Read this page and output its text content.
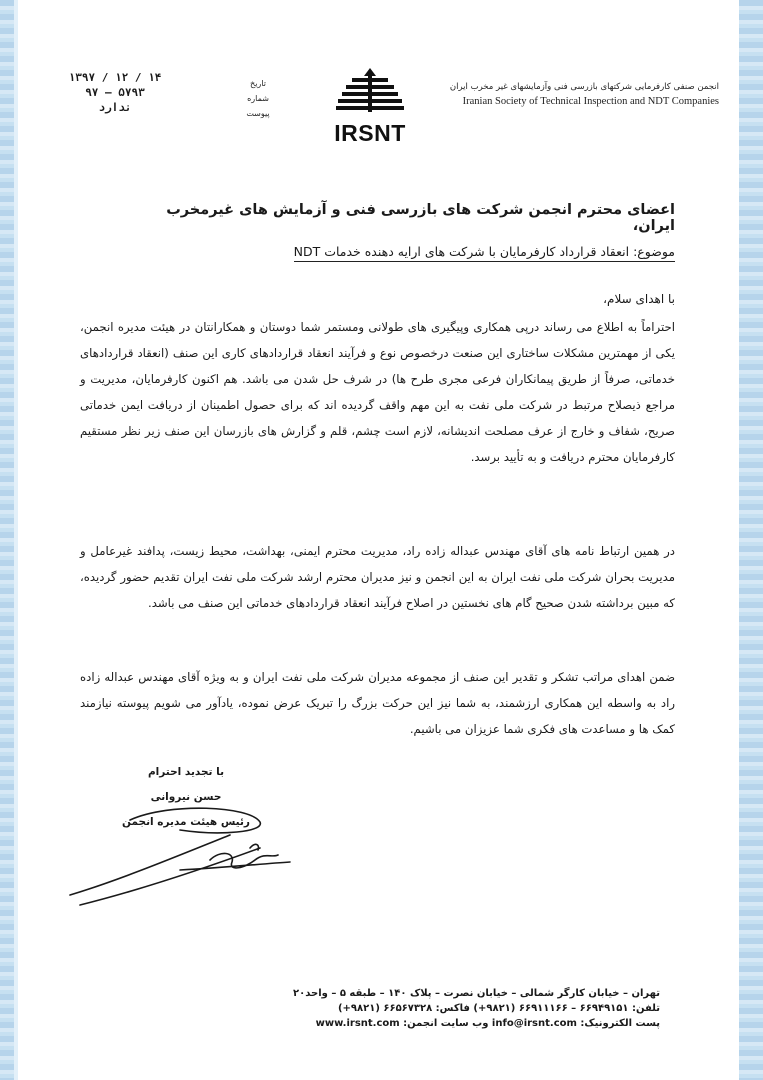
۱۳۹۷ / ۱۲ / ۱۴
۹۷ – ۵۷۹۳
ندارد
تاریخ
شماره
پیوست
IRSNT
انجمن صنفی کارفرمایی شرکتهای بازرسی فنی وآزمایشهای غیر مخرب ایران
Iranian Society of Technical Inspection and NDT Companies
اعضای محترم انجمن شرکت های بازرسی فنی و آزمایش های غیرمخرب ایران،
موضوع: انعقاد قرارداد کارفرمایان با شرکت های ارایه دهنده خدمات NDT
با اهدای سلام،
احتراماً به اطلاع می رساند درپی همکاری وپیگیری های طولانی ومستمر شما دوستان و همکارانتان در هیئت مدیره انجمن، یکی از مهمترین مشکلات ساختاری این صنعت درخصوص نوع و فرآیند انعقاد قراردادهای کاری این صنف (انعقاد قراردادهای خدماتی، صرفاً از طریق پیمانکاران فرعی مجری طرح ها) در شرف حل شدن می باشد. هم اکنون کارفرمایان، مدیریت و مراجع ذیصلاح مرتبط در شرکت ملی نفت به این مهم واقف گردیده اند که برای حصول اطمینان از دریافت ایمن خدماتی صریح، شفاف و خارج از عرف مصلحت اندیشانه، لازم است چشم، قلم و گزارش های بازرسان این صنف زیر نظر مستقیم کارفرمایان محترم دریافت و به تأیید برسد.
در همین ارتباط نامه های آقای مهندس عبداله زاده راد، مدیریت محترم ایمنی، بهداشت، محیط زیست، پدافند غیرعامل و مدیریت بحران شرکت ملی نفت ایران به این انجمن و نیز مدیران محترم ارشد شرکت ملی نفت ایران تقدیم حضور گردیده، که مبین برداشته شدن صحیح گام های نخستین در اصلاح فرآیند انعقاد قراردادهای خدماتی این صنف می باشد.
ضمن اهدای مراتب تشکر و تقدیر این صنف از مجموعه مدیران شرکت ملی نفت ایران و به ویژه آقای مهندس عبداله زاده راد به واسطه این همکاری ارزشمند، به شما نیز این حرکت بزرگ را تبریک عرض نموده، یادآور می شویم پیوسته نیازمند کمک ها و مساعدت های فکری شما عزیزان می باشیم.
با تجدید احترام
حسن نیروانی
رئیس هیئت مدیره انجمن
تهران – خیابان کارگر شمالی – خیابان نصرت – پلاک ۱۴۰ – طبقه ۵ – واحد۲۰
تلفن: ۶۶۹۴۹۱۵۱ – ۶۶۹۱۱۱۶۶ (۹۸۲۱+) فاکس: ۶۶۵۶۷۳۲۸ (۹۸۲۱+)
پست الکترونیک: info@irsnt.com وب سایت انجمن: www.irsnt.com
